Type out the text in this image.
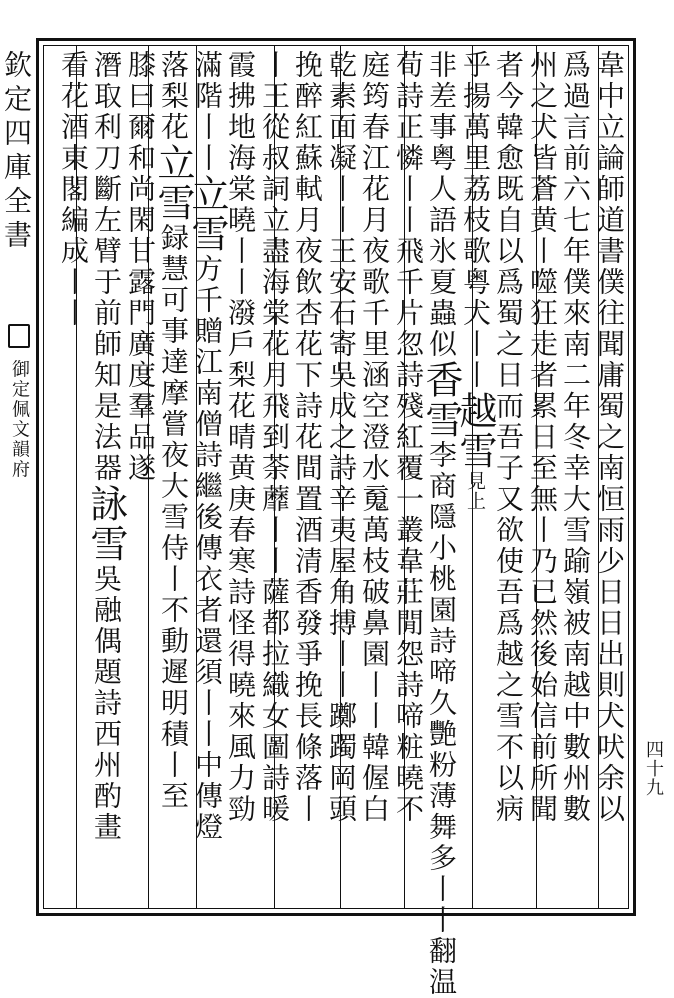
欽定四庫全書
御定佩文韻府	韋中立論師道書僕往聞庸蜀之南恒雨少日日出則犬吠余以
爲過言前六七年僕來南二年冬幸大雪踰嶺被南越中數州數
州之犬皆蒼黄丨噬狂走者累日至無丨乃已然後始信前所聞
者今韓愈既自以爲蜀之日而吾子又欲使吾爲越之雪不以病
乎揚萬里荔枝歌粤犬丨丨越雪見上
非差事粤人語氷夏蟲似香雪李商隱小桃園詩啼久艷粉薄舞多丨丨翻温
荀詩正憐丨丨飛千片忽詩殘紅覆一叢韋莊閒怨詩啼粧曉不
庭筠春江花月夜歌千里涵空澄水䰟萬枝破鼻園丨丨韓偓白
乾素面凝丨丨王安石寄吳成之詩辛夷屋角搏丨丨躑躅岡頭
挽醉紅蘇軾月夜飲杏花下詩花間置酒清香發爭挽長條落丨
丨王從叔詞立盡海棠花月飛到荼蘼丨丨薩都拉織女圖詩暖
霞拂地海棠曉丨丨潑戶梨花晴黄庚春寒詩怪得曉來風力勁
滿階丨丨立雪方千贈江南僧詩繼後傳衣者還須丨丨中傳燈
落梨花立雪録慧可事達摩嘗夜大雪侍丨不動遲明積丨至
膝曰爾和尚閑甘露門廣度羣品遂
潛取利刀斷左臂于前師知是法器詠雪吳融偶題詩西州酌畫
看花酒東閣編成丨丨
四十九
